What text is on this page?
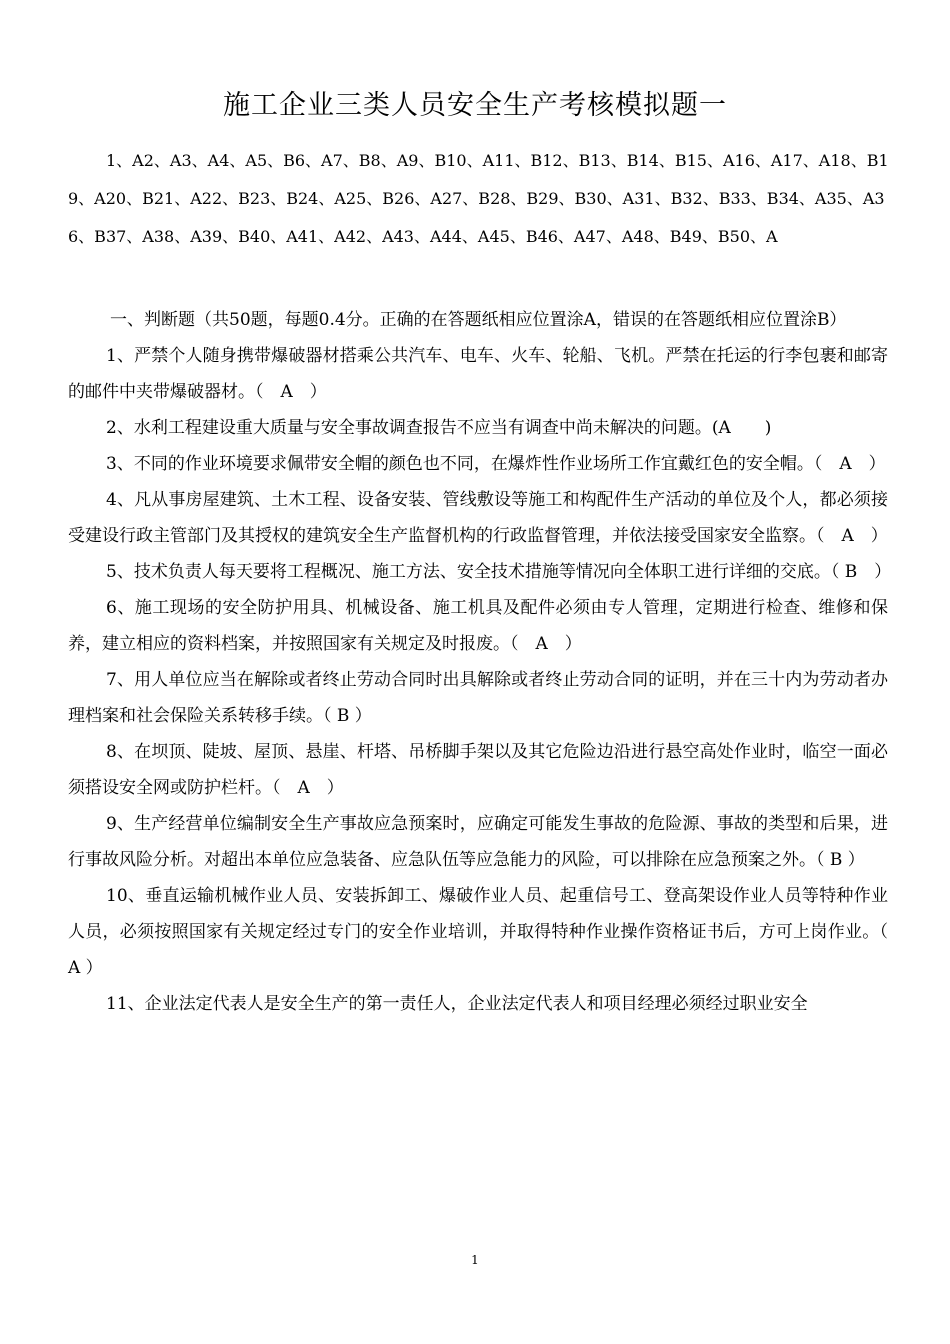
施工企业三类人员安全生产考核模拟题一
1、A2、A3、A4、A5、B6、A7、B8、A9、B10、A11、B12、B13、B14、B15、A16、A17、A18、B19、A20、B21、A22、B23、B24、A25、B26、A27、B28、B29、B30、A31、B32、B33、B34、A35、A36、B37、A38、A39、B40、A41、A42、A43、A44、A45、B46、A47、A48、B49、B50、A

一、判断题（共50题，每题0.4分。正确的在答题纸相应位置涂A，错误的在答题纸相应位置涂B）

1、严禁个人随身携带爆破器材搭乘公共汽车、电车、火车、轮船、飞机。严禁在托运的行李包裹和邮寄的邮件中夹带爆破器材。（　A　）

2、水利工程建设重大质量与安全事故调查报告不应当有调查中尚未解决的问题。(A　　)

3、不同的作业环境要求佩带安全帽的颜色也不同，在爆炸性作业场所工作宜戴红色的安全帽。（　A　）

4、凡从事房屋建筑、土木工程、设备安装、管线敷设等施工和构配件生产活动的单位及个人，都必须接受建设行政主管部门及其授权的建筑安全生产监督机构的行政监督管理，并依法接受国家安全监察。（　A　）

5、技术负责人每天要将工程概况、施工方法、安全技术措施等情况向全体职工进行详细的交底。（ B　）

6、施工现场的安全防护用具、机械设备、施工机具及配件必须由专人管理，定期进行检查、维修和保养，建立相应的资料档案，并按照国家有关规定及时报废。（　A　）

7、用人单位应当在解除或者终止劳动合同时出具解除或者终止劳动合同的证明，并在三十内为劳动者办理档案和社会保险关系转移手续。（ B ）

8、在坝顶、陡坡、屋顶、悬崖、杆塔、吊桥脚手架以及其它危险边沿进行悬空高处作业时，临空一面必须搭设安全网或防护栏杆。（　A　）

9、生产经营单位编制安全生产事故应急预案时，应确定可能发生事故的危险源、事故的类型和后果，进行事故风险分析。对超出本单位应急装备、应急队伍等应急能力的风险，可以排除在应急预案之外。（ B ）

10、垂直运输机械作业人员、安装拆卸工、爆破作业人员、起重信号工、登高架设作业人员等特种作业人员，必须按照国家有关规定经过专门的安全作业培训，并取得特种作业操作资格证书后，方可上岗作业。（　A ）

11、企业法定代表人是安全生产的第一责任人，企业法定代表人和项目经理必须经过职业安全

1
